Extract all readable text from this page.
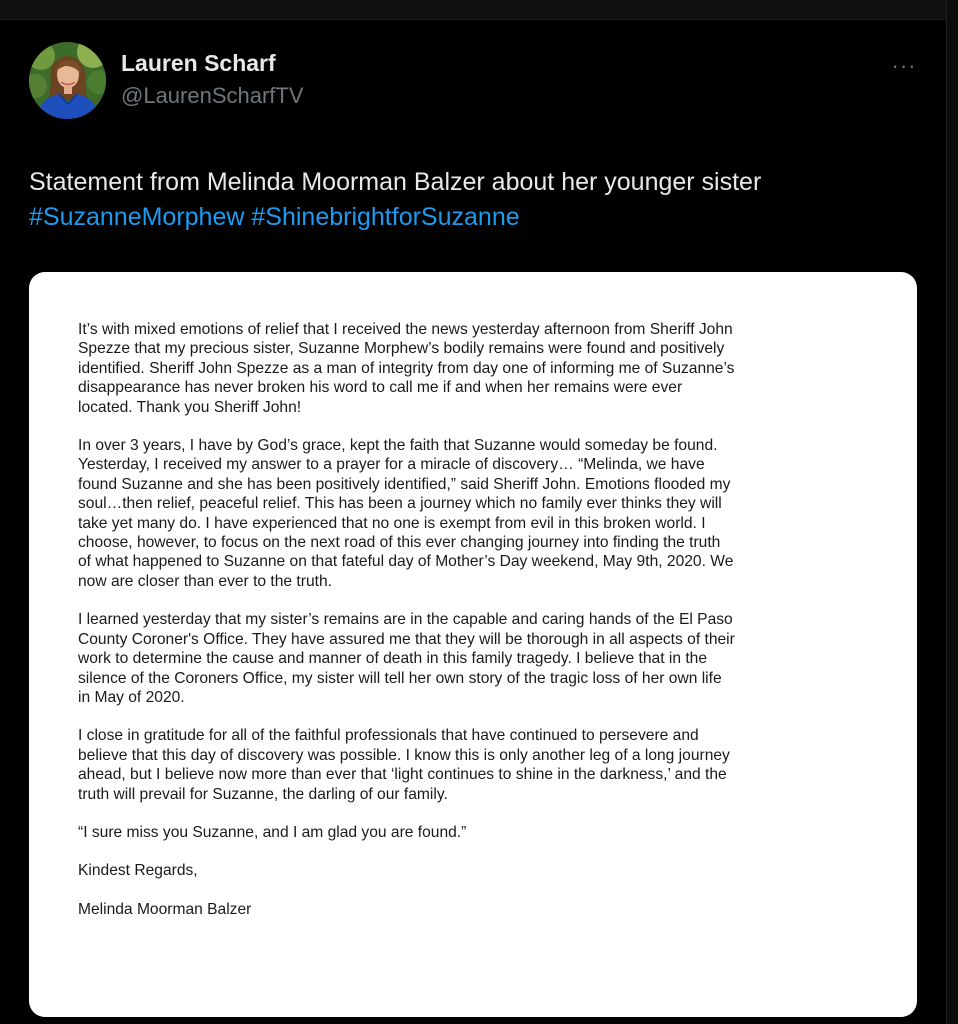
Lauren Scharf
@LaurenScharfTV
···
Statement from Melinda Moorman Balzer about her younger sister
#SuzanneMorphew #ShinebrightforSuzanne
It’s with mixed emotions of relief that I received the news yesterday afternoon from Sheriff John
Spezze that my precious sister, Suzanne Morphew’s bodily remains were found and positively
identified. Sheriff John Spezze as a man of integrity from day one of informing me of Suzanne’s
disappearance has never broken his word to call me if and when her remains were ever
located. Thank you Sheriff John!
In over 3 years, I have by God’s grace, kept the faith that Suzanne would someday be found.
Yesterday, I received my answer to a prayer for a miracle of discovery… “Melinda, we have
found Suzanne and she has been positively identified,” said Sheriff John. Emotions flooded my
soul…then relief, peaceful relief. This has been a journey which no family ever thinks they will
take yet many do. I have experienced that no one is exempt from evil in this broken world. I
choose, however, to focus on the next road of this ever changing journey into finding the truth
of what happened to Suzanne on that fateful day of Mother’s Day weekend, May 9th, 2020. We
now are closer than ever to the truth.
I learned yesterday that my sister’s remains are in the capable and caring hands of the El Paso
County Coroner's Office. They have assured me that they will be thorough in all aspects of their
work to determine the cause and manner of death in this family tragedy. I believe that in the
silence of the Coroners Office, my sister will tell her own story of the tragic loss of her own life
in May of 2020.
I close in gratitude for all of the faithful professionals that have continued to persevere and
believe that this day of discovery was possible. I know this is only another leg of a long journey
ahead, but I believe now more than ever that ‘light continues to shine in the darkness,’ and the
truth will prevail for Suzanne, the darling of our family.
“I sure miss you Suzanne, and I am glad you are found.”
Kindest Regards,
Melinda Moorman Balzer
